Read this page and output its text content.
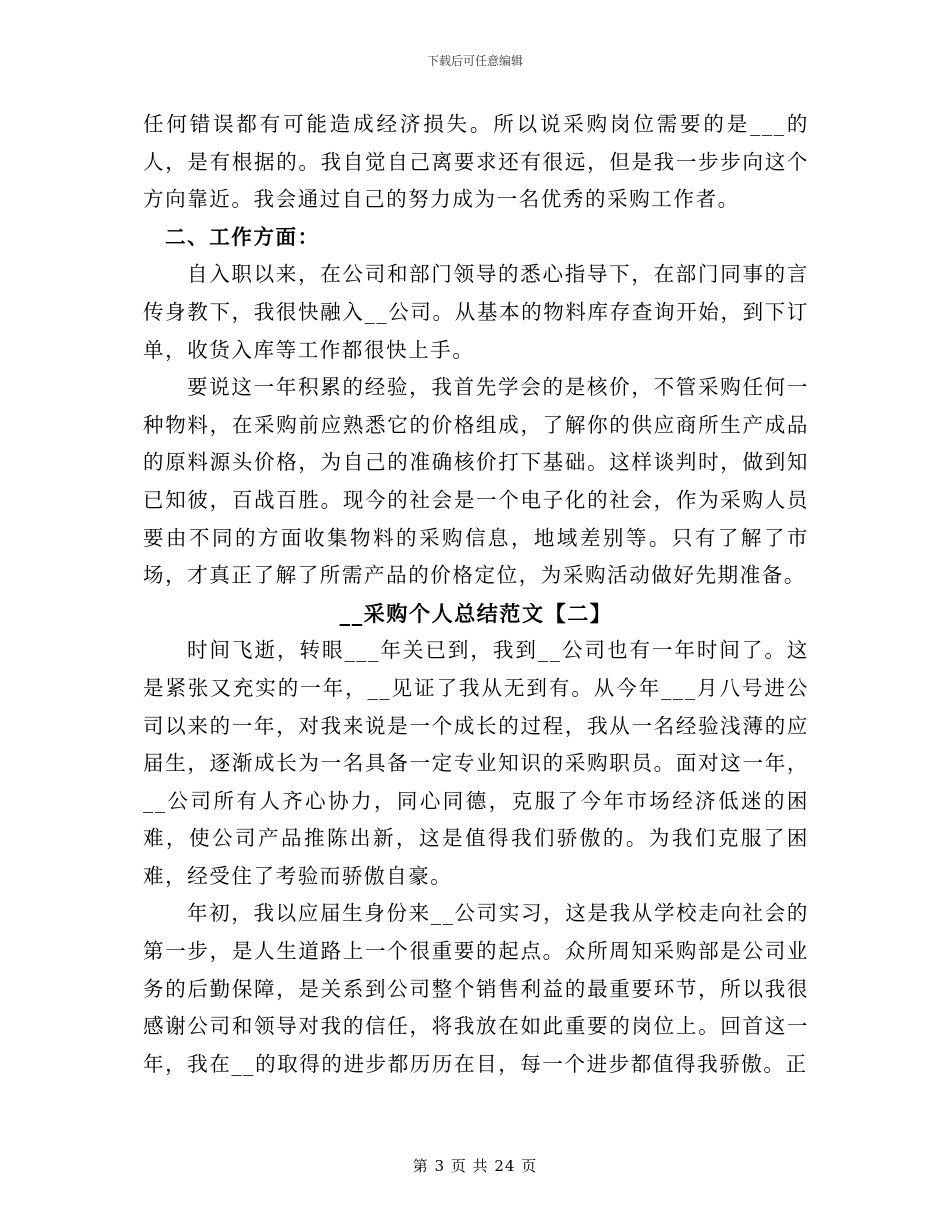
下载后可任意编辑

任何错误都有可能造成经济损失。所以说采购岗位需要的是___的人，是有根据的。我自觉自己离要求还有很远，但是我一步步向这个方向靠近。我会通过自己的努力成为一名优秀的采购工作者。

二、工作方面：

自入职以来，在公司和部门领导的悉心指导下，在部门同事的言传身教下，我很快融入__公司。从基本的物料库存查询开始，到下订单，收货入库等工作都很快上手。

要说这一年积累的经验，我首先学会的是核价，不管采购任何一种物料，在采购前应熟悉它的价格组成，了解你的供应商所生产成品的原料源头价格，为自己的准确核价打下基础。这样谈判时，做到知已知彼，百战百胜。现今的社会是一个电子化的社会，作为采购人员要由不同的方面收集物料的采购信息，地域差别等。只有了解了市场，才真正了解了所需产品的价格定位，为采购活动做好先期准备。

__采购个人总结范文【二】

时间飞逝，转眼___年关已到，我到__公司也有一年时间了。这是紧张又充实的一年，__见证了我从无到有。从今年___月八号进公司以来的一年，对我来说是一个成长的过程，我从一名经验浅薄的应届生，逐渐成长为一名具备一定专业知识的采购职员。面对这一年，__公司所有人齐心协力，同心同德，克服了今年市场经济低迷的困难，使公司产品推陈出新，这是值得我们骄傲的。为我们克服了困难，经受住了考验而骄傲自豪。

年初，我以应届生身份来__公司实习，这是我从学校走向社会的第一步，是人生道路上一个很重要的起点。众所周知采购部是公司业务的后勤保障，是关系到公司整个销售利益的最重要环节，所以我很感谢公司和领导对我的信任，将我放在如此重要的岗位上。回首这一年，我在__的取得的进步都历历在目，每一个进步都值得我骄傲。正

第 3 页 共 24 页
